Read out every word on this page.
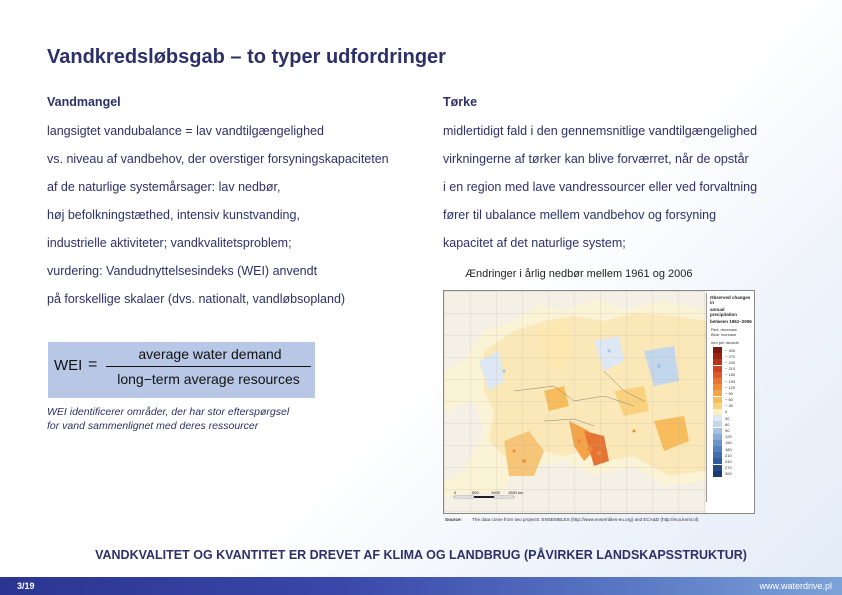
Vandkredsløbsgab – to typer udfordringer
Vandmangel
langsigtet vandubalance = lav vandtilgængelighed
vs. niveau af vandbehov, der overstiger forsyningskapaciteten
af de naturlige systemårsager: lav nedbør,
høj befolkningstæthed, intensiv kunstvanding,
industrielle aktiviteter; vandkvalitetsproblem;
vurdering: Vandudnyttelsesindeks (WEI) anvendt
på forskellige skalaer (dvs. nationalt, vandløbsopland)
Tørke
midlertidigt fald i den gennemsnitlige vandtilgængelighed
virkningerne af tørker kan blive forværret, når de opstår
i en region med lave vandressourcer eller ved forvaltning
fører til ubalance mellem vandbehov og forsyning
kapacitet af det naturlige system;
WEI =
average water demand
long−term average resources
WEI identificerer områder, der har stor efterspørgsel
for vand sammenlignet med deres ressourcer
Ændringer i årlig nedbør mellem 1961 og 2006
0	500	1000 1500 km
Observed changes in
annual precipitation
between 1961–2006
Red: decrease
Blue: increase
mm per decade
− 300
− 270
− 240
− 210
− 180
− 150
− 120
− 90
− 60
− 30
0
30
60
90
120
150
180
210
240
270
300
Source: The data come from two projects: ENSEMBLES (http://www.ensembles-eu.org) and ECA&D (http://eca.knmi.nl).
VANDKVALITET OG KVANTITET ER DREVET AF KLIMA OG LANDBRUG (PÅVIRKER LANDSKAPSSTRUKTUR)
3/19	www.waterdrive.pl
